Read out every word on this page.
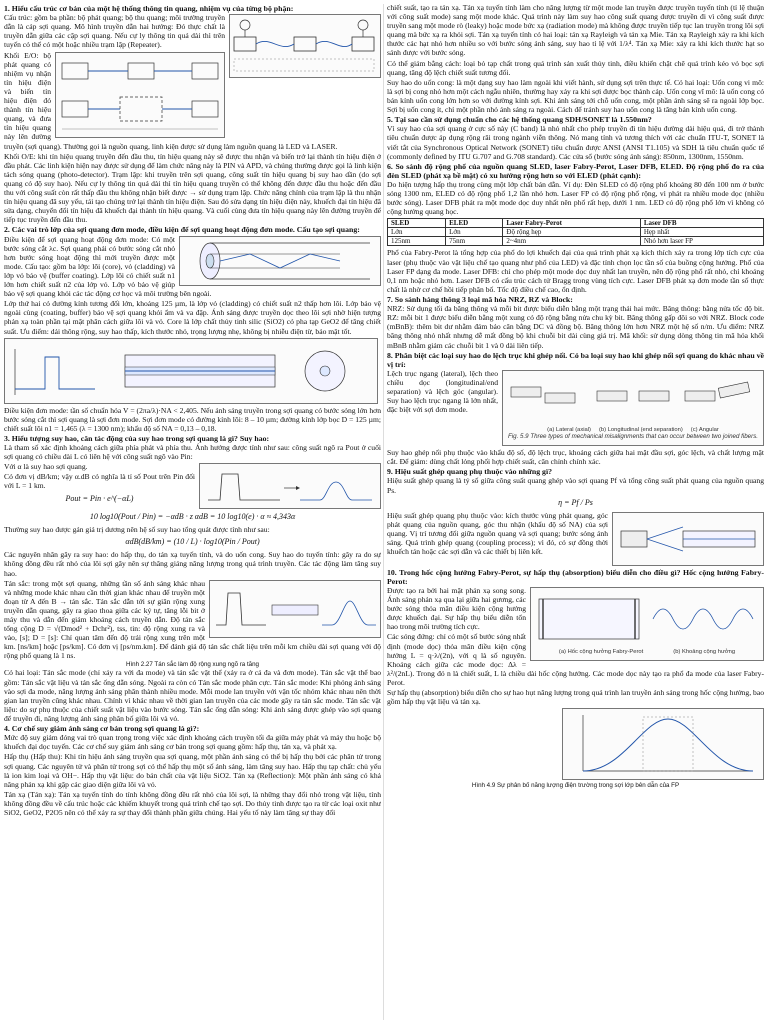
1. Hiểu cấu trúc cơ bản của một hệ thống thông tin quang, nhiệm vụ của từng bộ phận:

Cấu trúc: gồm ba phần: bộ phát quang; bộ thu quang; môi trường truyền dẫn là cáp sợi quang. Mô hình truyền dẫn hai hướng: Đó thực chất là truyền dẫn giữa các cặp sợi quang. Nếu cự ly thông tin quá dài thì trên tuyến có thể có một hoặc nhiều trạm lặp (Repeater).

Khối E/O: bộ phát quang có nhiệm vụ nhận tín hiệu điện và biến tín hiệu điện đó thành tín hiệu quang, và đưa tín hiệu quang này lên đường truyền (sợi quang). Thường gọi là nguồn quang, linh kiện được sử dụng làm nguồn quang là LED và LASER.

Khối O/E: khi tín hiệu quang truyền đến đầu thu, tín hiệu quang này sẽ được thu nhận và biến trở lại thành tín hiệu điện ở đầu phát. Các linh kiện hiện nay được sử dụng để làm chức năng này là PIN và APD, và chúng thường được gọi là linh kiện tách sóng quang (photo-detector). Trạm lặp: khi truyền trên sợi quang, công suất tín hiệu quang bị suy hao dần (do sợi quang có độ suy hao). Nếu cự ly thông tin quá dài thì tín hiệu quang truyền có thể không đến được đầu thu hoặc đến đầu thu với công suất còn rất thấp đầu thu không nhận biết được → sử dụng trạm lặp. Chức năng chính của trạm lặp là thu nhận tín hiệu quang đã suy yếu, tái tạo chúng trở lại thành tín hiệu điện. Sau đó sửa dạng tín hiệu điện này, khuếch đại tín hiệu đã sửa dạng, chuyển đổi tín hiệu đã khuếch đại thành tín hiệu quang. Và cuối cùng đưa tín hiệu quang này lên đường truyền để tiếp tục truyền đến đầu thu.

2. Các vai trò lớp của sợi quang đơn mode, điều kiện để sợi quang hoạt động đơn mode. Cấu tạo sợi quang:

Điều kiện để sợi quang hoạt động đơn mode: Có một bước sóng cắt λc. Sợi quang phải có bước sóng cắt nhỏ hơn bước sóng hoạt động thì mới truyền được một mode. Cấu tạo: gồm ba lớp: lõi (core), vỏ (cladding) và lớp vỏ bảo vệ (buffer coating). Lớp lõi có chiết suất n1 lớn hơn chiết suất n2 của lớp vỏ. Lớp vỏ bảo vệ giúp bảo vệ sợi quang khỏi các tác động cơ học và môi trường bên ngoài.

Lớp thứ hai có đường kính tương đối lớn, khoảng 125 µm, là lớp vỏ (cladding) có chiết suất n2 thấp hơn lõi. Lớp bảo vệ ngoài cùng (coating, buffer) bảo vệ sợi quang khỏi ẩm và va đập. Ánh sáng được truyền dọc theo lõi sợi nhờ hiện tượng phản xạ toàn phần tại mặt phân cách giữa lõi và vỏ. Core là lớp chất thủy tinh silic (SiO2) có pha tạp GeO2 để tăng chiết suất. Ưu điểm: dải thông rộng, suy hao thấp, kích thước nhỏ, trọng lượng nhẹ, không bị nhiễu điện từ, bảo mật tốt.

Điều kiện đơn mode: tần số chuẩn hóa V = (2πa/λ)·NA < 2,405. Nếu ánh sáng truyền trong sợi quang có bước sóng lớn hơn bước sóng cắt thì sợi quang là sợi đơn mode. Sợi đơn mode có đường kính lõi: 8 – 10 µm; đường kính lớp bọc D = 125 µm; chiết suất lõi n1 = 1,465 (λ = 1300 nm); khẩu độ số NA = 0,13 – 0,18.

3. Hiểu tượng suy hao, cân tác động của suy hao trong sợi quang là gì? Suy hao:

Là tham số xác định khoảng cách giữa phía phát và phía thu. Ánh hưởng được tính như sau: công suất ngõ ra Pout ở cuối sợi quang có chiều dài L có liên hệ với công suất ngõ vào Pin:

Với α là suy hao sợi quang.

Có đơn vị dB/km; vậy α.dB có nghĩa là tỉ số Pout trên Pin đối với L = 1 km.

Pout = Pin · e^(−αL)
10 log10(Pout / Pin) = −αdB · z αdB = 10 log10(e) · α ≈ 4,343α

Thường suy hao được gán giá trị dương nên hệ số suy hao tổng quát được tính như sau:

αdB(dB/km) = (10 / L) · log10(Pin / Pout)

Các nguyên nhân gây ra suy hao: do hấp thụ, do tán xạ tuyến tính, và do uốn cong. Suy hao do tuyến tính: gây ra do sự không đồng đều rất nhỏ của lõi sợi gây nên sự thăng giáng năng lượng trong quá trình truyền. Các tác động làm tăng suy hao.

Tán sắc: trong một sợi quang, những tần số ánh sáng khác nhau và những mode khác nhau cần thời gian khác nhau để truyền một đoạn từ A đến B → tán sắc. Tán sắc dẫn tới sự giãn rộng xung truyền dẫn quang, gây ra giao thoa giữa các ký tự, tăng lỗi bit ở máy thu và dẫn đến giảm khoảng cách truyền dẫn. Độ tán sắc tổng cộng D = √(Dmod² + Dchr²), tss, tin: độ rộng xung ra và vào, [s]; D = [s]: Chỉ quan tâm đến độ trải rộng xung trên một km. [ns/km] hoặc [ps/km]. Có đơn vị [ps/nm.km]. Để đánh giá độ tán sắc chất liệu trên mỗi km chiều dài sợi quang với độ rộng phổ quang là 1 ns.

Hình 2.27 Tán sắc làm độ rộng xung ngõ ra tăng

Có hai loại: Tán sắc mode (chỉ xảy ra với đa mode) và tán sắc vật thể (xảy ra ở cả đa và đơn mode). Tán sắc vật thể bao gồm: Tán sắc vật liệu và tán sắc ống dẫn sóng. Ngoài ra còn có Tán sắc mode phân cực. Tán sắc mode: Khi phóng ánh sáng vào sợi đa mode, năng lượng ánh sáng phân thành nhiều mode. Mỗi mode lan truyền với vận tốc nhóm khác nhau nên thời gian lan truyền cũng khác nhau. Chính vì khác nhau về thời gian lan truyền của các mode gây ra tán sắc mode. Tán sắc vật liệu: do sự phụ thuộc của chiết suất vật liệu vào bước sóng. Tán sắc ống dẫn sóng: Khi ánh sáng được ghép vào sợi quang để truyền đi, năng lượng ánh sáng phân bố giữa lõi và vỏ.

4. Cơ chế suy giảm ánh sáng cơ bản trong sợi quang là gì?:

Mức độ suy giảm đóng vai trò quan trọng trong việc xác định khoảng cách truyền tối đa giữa máy phát và máy thu hoặc bộ khuếch đại dọc tuyến. Các cơ chế suy giảm ánh sáng cơ bản trong sợi quang gồm: hấp thụ, tán xạ, và phát xạ.

Hấp thụ (Hấp thu): Khi tín hiệu ánh sáng truyền qua sợi quang, một phần ánh sáng có thể bị hấp thụ bởi các phân tử trong sợi quang. Các nguyên tử và phân tử trong sợi có thể hấp thụ một số ánh sáng, làm tăng suy hao. Hấp thụ tạp chất: chủ yếu là ion kim loại và OH−. Hấp thụ vật liệu: do bản chất của vật liệu SiO2. Tán xạ (Reflection): Một phần ánh sáng có khả năng phản xạ khi gặp các giao diện giữa lõi và vỏ.

Tán xạ (Tán xạ): Tán xạ tuyến tính do tính không đồng đều rất nhỏ của lõi sợi, là những thay đổi nhỏ trong vật liệu, tính không đồng đều về cấu trúc hoặc các khiếm khuyết trong quá trình chế tạo sợi. Do thủy tinh được tạo ra từ các loại oxit như SiO2, GeO2, P2O5 nên có thể xảy ra sự thay đổi thành phần giữa chúng. Hai yếu tố này làm tăng sự thay đổi

chiết suất, tạo ra tán xạ. Tán xạ tuyến tính làm cho năng lượng từ một mode lan truyền được truyền tuyến tính (tỉ lệ thuận với công suất mode) sang một mode khác. Quá trình này làm suy hao công suất quang được truyền đi vì công suất được truyền sang một mode rò (leaky) hoặc mode bức xạ (radiation mode) mà không được truyền tiếp tục lan truyền trong lõi sợi quang mà bức xạ ra khỏi sợi. Tán xạ tuyến tính có hai loại: tán xạ Rayleigh và tán xạ Mie. Tán xạ Rayleigh xảy ra khi kích thước các hạt nhỏ hơn nhiều so với bước sóng ánh sáng, suy hao tỉ lệ với 1/λ⁴. Tán xạ Mie: xảy ra khi kích thước hạt so sánh được với bước sóng.

Có thể giảm bằng cách: loại bỏ tạp chất trong quá trình sản xuất thủy tinh, điều khiển chặt chẽ quá trình kéo vỏ bọc sợi quang, tăng độ lệch chiết suất tương đối.

Suy hao do uốn cong: là một dạng suy hao làm ngoài khi viết hành, sử dụng sợi trên thực tế. Có hai loại: Uốn cong vi mô: là sợi bị cong nhỏ hơn một cách ngẫu nhiên, thường hay xảy ra khi sợi được bọc thành cáp. Uốn cong vĩ mô: là uốn cong có bán kính uốn cong lớn hơn so với đường kính sợi. Khi ánh sáng tới chỗ uốn cong, một phần ánh sáng sẽ ra ngoài lớp bọc. Sợi bị uốn cong ít, chỉ một phần nhỏ ánh sáng ra ngoài. Cách để tránh suy hao uốn cong là tăng bán kính uốn cong.

5. Tại sao cần sử dụng chuẩn cho các hệ thống quang SDH/SONET là 1.550nm?

Vì suy hao của sợi quang ở cực số này (C band) là nhỏ nhất cho phép truyền đi tín hiệu đường dài hiệu quả, đi trở thành tiêu chuẩn được áp dụng rộng rãi trong ngành viễn thông. Nó mang tính và tương thích với các chuẩn ITU-T, SONET là viết tắt của Synchronous Optical Network (SONET) tiêu chuẩn được ANSI (ANSI T1.105) và SDH là tiêu chuẩn quốc tế (commonly defined by ITU G.707 and G.708 standard). Các cửa sổ (bước sóng ánh sáng): 850nm, 1300nm, 1550nm.

6. So sánh độ rộng phổ của nguồn quang SLED, laser Fabry-Perot, Laser DFB, ELED. Độ rộng phổ đo ra của đèn SLED (phát xạ bề mặt) có xu hướng rộng hơn so với ELED (phát cạnh):

Do hiện tượng hấp thụ trong cùng một lớp chất bán dẫn. Ví dụ: Đèn SLED có độ rộng phổ khoảng 80 đến 100 nm ở bước sóng 1300 nm, ELED có độ rộng phổ 1,2 lần nhỏ hơn. Laser FP có độ rộng phổ rộng, vì phát ra nhiều mode dọc (nhiều bước sóng). Laser DFB phát ra một mode dọc duy nhất nên phổ rất hẹp, dưới 1 nm. LED có độ rộng phổ lớn vì không có cộng hưởng quang học.

SLED	ELED	Laser Fabry-Perot	Laser DFB
Lớn	Lớn	Độ rộng hẹp	Hẹp nhất
125nm	75nm	2~4nm	Nhỏ hơn laser FP

Phổ của Fabry-Perot là tổng hợp của phổ do lợi khuếch đại của quá trình phát xạ kích thích xảy ra trong lớp tích cực của laser (phụ thuộc vào vật liệu chế tạo quang như phổ của LED) và đặc tính chọn lọc tần số của buồng cộng hưởng. Phổ của Laser FP dạng đa mode. Laser DFB: chỉ cho phép một mode dọc duy nhất lan truyền, nên độ rộng phổ rất nhỏ, chỉ khoảng 0,1 nm hoặc nhỏ hơn. Laser DFB có cấu trúc cách tử Bragg trong vùng tích cực. Laser DFB phát xạ đơn mode tần số thực chất là nhờ cơ chế hồi tiếp phân bố. Tốc độ điều chế cao, ổn định.

7. So sánh hàng thông 3 loại mã hóa NRZ, RZ và Block:

NRZ: Sử dụng tối đa băng thông và mỗi bit được biểu diễn bằng một trạng thái hai mức. Băng thông: bằng nửa tốc độ bit. RZ: mỗi bit 1 được biểu diễn bằng một xung có độ rộng bằng nửa chu kỳ bit. Băng thông gấp đôi so với NRZ. Block code (mBnB): thêm bit dư nhằm đảm bảo cân bằng DC và đồng bộ. Băng thông lớn hơn NRZ một hệ số n/m. Ưu điểm: NRZ băng thông nhỏ nhất nhưng dễ mất đồng bộ khi chuỗi bit dài cùng giá trị. Mã khối: sử dụng dòng thông tin mã hóa khối mBnB nhằm giảm các chuỗi bit 1 và 0 dài liên tiếp.

8. Phân biệt các loại suy hao do lệch trục khi ghép nối. Có ba loại suy hao khi ghép nối sợi quang do khác nhau về vị trí:
(a) Lateral (axial) (b) Longitudinal (end separation) (c) Angular
Fig. 5.9 Three types of mechanical misalignments that can occur between two joined fibers.

Lệch trục ngang (lateral), lệch theo chiều dọc (longitudinal/end separation) và lệch góc (angular). Suy hao lệch trục ngang là lớn nhất, đặc biệt với sợi đơn mode.

Suy hao ghép nối phụ thuộc vào khẩu độ số, độ lệch trục, khoảng cách giữa hai mặt đầu sợi, góc lệch, và chất lượng mặt cắt. Để giảm: dùng chất lỏng phối hợp chiết suất, căn chỉnh chính xác.

9. Hiệu suất ghép quang phụ thuộc vào những gì?

Hiệu suất ghép quang là tỷ số giữa công suất quang ghép vào sợi quang Pf và tổng công suất phát quang của nguồn quang Ps.

η = Pf / Ps

Hiệu suất ghép quang phụ thuộc vào: kích thước vùng phát quang, góc phát quang của nguồn quang, góc thu nhận (khẩu độ số NA) của sợi quang. Vị trí tương đối giữa nguồn quang và sợi quang; bước sóng ánh sáng. Quá trình ghép quang (coupling process); vì đó, có sự đồng thời khuếch tán hoặc các sợi dẫn và các thiết bị liên kết.

10. Trong hốc cộng hưởng Fabry-Perot, sự hấp thụ (absorption) biểu diễn cho điều gì? Hốc cộng hưởng Fabry-Perot:
(a) Hốc cộng hưởng Fabry-Perot	(b) Khoảng cộng hưởng

Được tạo ra bởi hai mặt phản xạ song song. Ánh sáng phản xạ qua lại giữa hai gương, các bước sóng thỏa mãn điều kiện cộng hưởng được khuếch đại. Sự hấp thụ biểu diễn tổn hao trong môi trường tích cực.

Các sóng đứng: chỉ có một số bước sóng nhất định (mode dọc) thỏa mãn điều kiện cộng hưởng L = q·λ/(2n), với q là số nguyên. Khoảng cách giữa các mode dọc: Δλ = λ²/(2nL). Trong đó n là chiết suất, L là chiều dài hốc cộng hưởng. Các mode dọc này tạo ra phổ đa mode của laser Fabry-Perot.

Sự hấp thụ (absorption) biểu diễn cho sự hao hụt năng lượng trong quá trình lan truyền ánh sáng trong hốc cộng hưởng, bao gồm hấp thụ vật liệu và tán xạ.

Hình 4.9 Sự phân bố năng lượng điện trường trong sợi lớp bên dẫn của FP
